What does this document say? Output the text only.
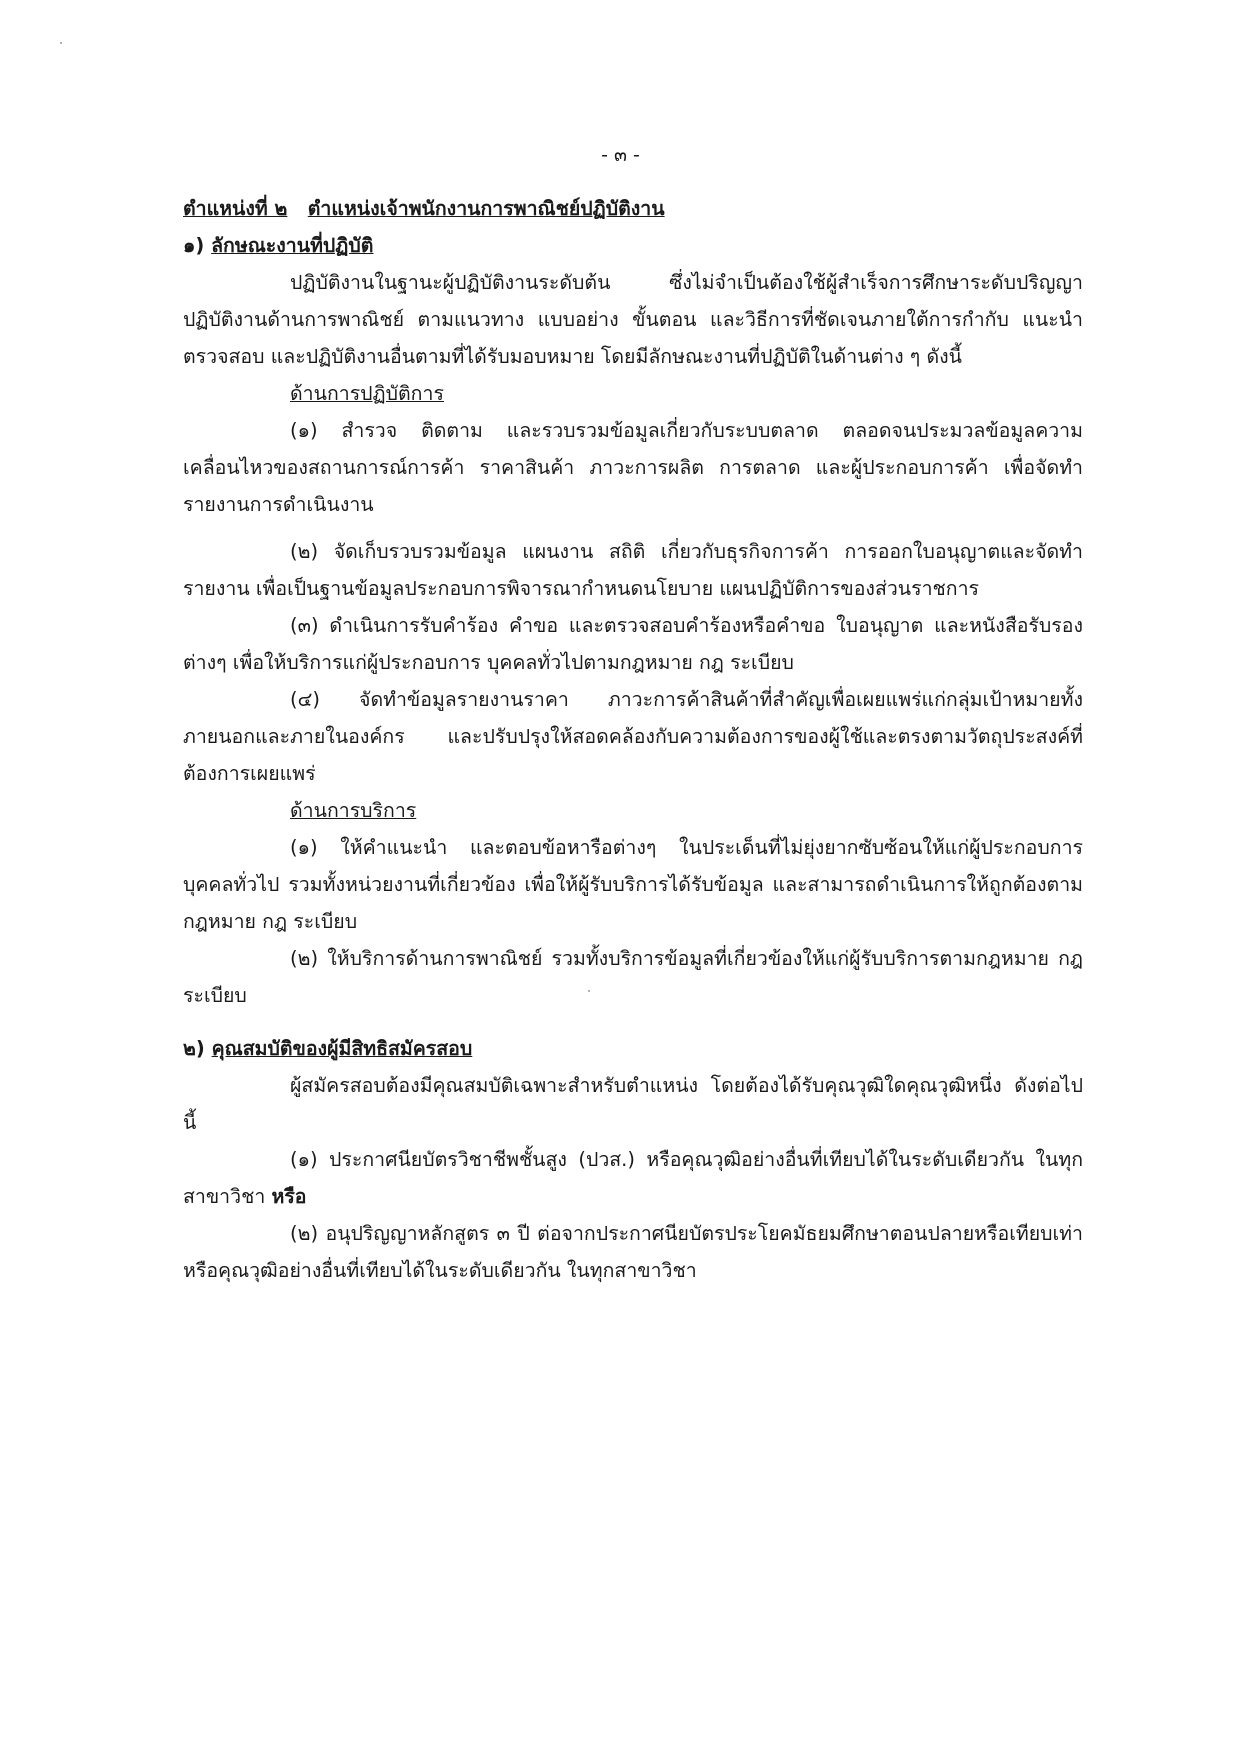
- ๓ -

ตำแหน่งที่ ๒ ตำแหน่งเจ้าพนักงานการพาณิชย์ปฏิบัติงาน

๑) ลักษณะงานที่ปฏิบัติ

ปฏิบัติงานในฐานะผู้ปฏิบัติงานระดับต้น ซึ่งไม่จำเป็นต้องใช้ผู้สำเร็จการศึกษาระดับปริญญา ปฏิบัติงานด้านการพาณิชย์ ตามแนวทาง แบบอย่าง ขั้นตอน และวิธีการที่ชัดเจนภายใต้การกำกับ แนะนำ ตรวจสอบ และปฏิบัติงานอื่นตามที่ได้รับมอบหมาย โดยมีลักษณะงานที่ปฏิบัติในด้านต่าง ๆ ดังนี้

ด้านการปฏิบัติการ

(๑) สำรวจ ติดตาม และรวบรวมข้อมูลเกี่ยวกับระบบตลาด ตลอดจนประมวลข้อมูลความเคลื่อนไหวของสถานการณ์การค้า ราคาสินค้า ภาวะการผลิต การตลาด และผู้ประกอบการค้า เพื่อจัดทำรายงานการดำเนินงาน

(๒) จัดเก็บรวบรวมข้อมูล แผนงาน สถิติ เกี่ยวกับธุรกิจการค้า การออกใบอนุญาตและจัดทำรายงาน เพื่อเป็นฐานข้อมูลประกอบการพิจารณากำหนดนโยบาย แผนปฏิบัติการของส่วนราชการ

(๓) ดำเนินการรับคำร้อง คำขอ และตรวจสอบคำร้องหรือคำขอ ใบอนุญาต และหนังสือรับรองต่างๆ เพื่อให้บริการแก่ผู้ประกอบการ บุคคลทั่วไปตามกฎหมาย กฎ ระเบียบ

(๔) จัดทำข้อมูลรายงานราคา ภาวะการค้าสินค้าที่สำคัญเพื่อเผยแพร่แก่กลุ่มเป้าหมายทั้งภายนอกและภายในองค์กร และปรับปรุงให้สอดคล้องกับความต้องการของผู้ใช้และตรงตามวัตถุประสงค์ที่ต้องการเผยแพร่

ด้านการบริการ

(๑) ให้คำแนะนำ และตอบข้อหารือต่างๆ ในประเด็นที่ไม่ยุ่งยากซับซ้อนให้แก่ผู้ประกอบการ บุคคลทั่วไป รวมทั้งหน่วยงานที่เกี่ยวข้อง เพื่อให้ผู้รับบริการได้รับข้อมูล และสามารถดำเนินการให้ถูกต้องตามกฎหมาย กฎ ระเบียบ

(๒) ให้บริการด้านการพาณิชย์ รวมทั้งบริการข้อมูลที่เกี่ยวข้องให้แก่ผู้รับบริการตามกฎหมาย กฎ ระเบียบ

๒) คุณสมบัติของผู้มีสิทธิสมัครสอบ

ผู้สมัครสอบต้องมีคุณสมบัติเฉพาะสำหรับตำแหน่ง โดยต้องได้รับคุณวุฒิใดคุณวุฒิหนึ่ง ดังต่อไปนี้

(๑) ประกาศนียบัตรวิชาชีพชั้นสูง (ปวส.) หรือคุณวุฒิอย่างอื่นที่เทียบได้ในระดับเดียวกัน ในทุกสาขาวิชา หรือ

(๒) อนุปริญญาหลักสูตร ๓ ปี ต่อจากประกาศนียบัตรประโยคมัธยมศึกษาตอนปลายหรือเทียบเท่า หรือคุณวุฒิอย่างอื่นที่เทียบได้ในระดับเดียวกัน ในทุกสาขาวิชา
